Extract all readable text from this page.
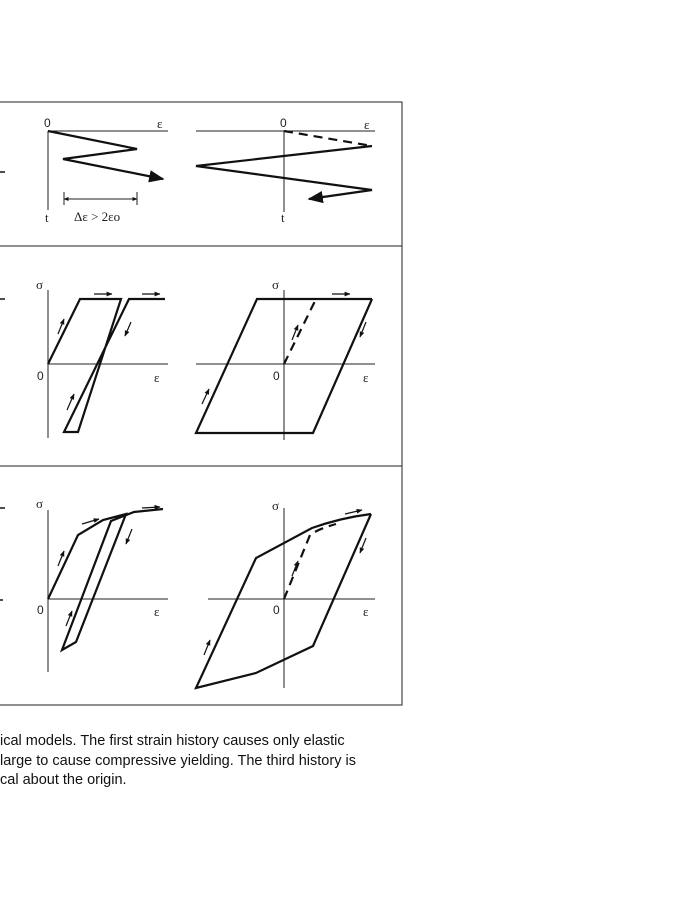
0	ε
t Δε > 2εo
0	ε
t
σ
0	ε
σ
0	ε
σ
0	ε
σ
0	ε
ical models. The first strain history causes only elastic
large to cause compressive yielding. The third history is
cal about the origin.
